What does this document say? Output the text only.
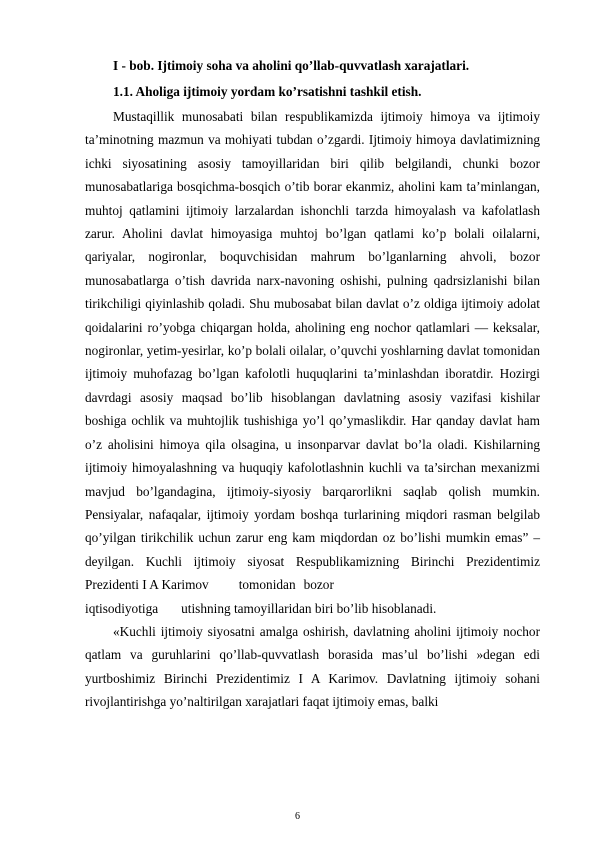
I - bob. Ijtimoiy soha va aholini qo’llab-quvvatlash xarajatlari.
1.1. Aholiga ijtimoiy yordam ko’rsatishni tashkil etish.

Mustaqillik munosabati bilan respublikamizda ijtimoiy himoya va ijtimoiy ta’minotning mazmun va mohiyati tubdan o’zgardi. Ijtimoiy himoya davlatimizning ichki siyosatining asosiy tamoyillaridan biri qilib belgilandi, chunki bozor munosabatlariga bosqichma-bosqich o’tib borar ekanmiz, aholini kam ta’minlangan, muhtoj qatlamini ijtimoiy larzalardan ishonchli tarzda himoyalash va kafolatlash zarur. Aholini davlat himoyasiga muhtoj bo’lgan qatlami ko’p bolali oilalarni, qariyalar, nogironlar, boquvchisidan mahrum bo’lganlarning ahvoli, bozor munosabatlarga o’tish davrida narx-navoning oshishi, pulning qadrsizlanishi bilan tirikchiligi qiyinlashib qoladi. Shu mubosabat bilan davlat o’z oldiga ijtimoiy adolat qoidalarini ro’yobga chiqargan holda, aholining eng nochor qatlamlari — keksalar, nogironlar, yetim-yesirlar, ko’p bolali oilalar, o’quvchi yoshlarning davlat tomonidan ijtimoiy muhofazag bo’lgan kafolotli huquqlarini ta’minlashdan iboratdir. Hozirgi davrdagi asosiy maqsad bo’lib hisoblangan davlatning asosiy vazifasi kishilar boshiga ochlik va muhtojlik tushishiga yo’l qo’ymaslikdir. Har qanday davlat ham o’z aholisini himoya qila olsagina, u insonparvar davlat bo’la oladi. Kishilarning ijtimoiy himoyalashning va huquqiy kafolotlashnin kuchli va ta’sirchan mexanizmi mavjud bo’lgandagina, ijtimoiy-siyosiy barqarorlikni saqlab qolish mumkin. Pensiyalar, nafaqalar, ijtimoiy yordam boshqa turlarining miqdori rasman belgilab qo’yilgan tirikchilik uchun zarur eng kam miqdordan oz bo’lishi mumkin emas” –deyilgan. Kuchli ijtimoiy siyosat Respublikamizning Birinchi Prezidentimiz Prezidenti I A Karimov tomonidan bozor

iqtisodiyotiga utishning tamoyillaridan biri bo’lib hisoblanadi.

«Kuchli ijtimoiy siyosatni amalga oshirish, davlatning aholini ijtimoiy nochor qatlam va guruhlarini qo’llab-quvvatlash borasida mas’ul bo’lishi »degan edi yurtboshimiz Birinchi Prezidentimiz I A Karimov. Davlatning ijtimoiy sohani rivojlantirishga yo’naltirilgan xarajatlari faqat ijtimoiy emas, balki

6
